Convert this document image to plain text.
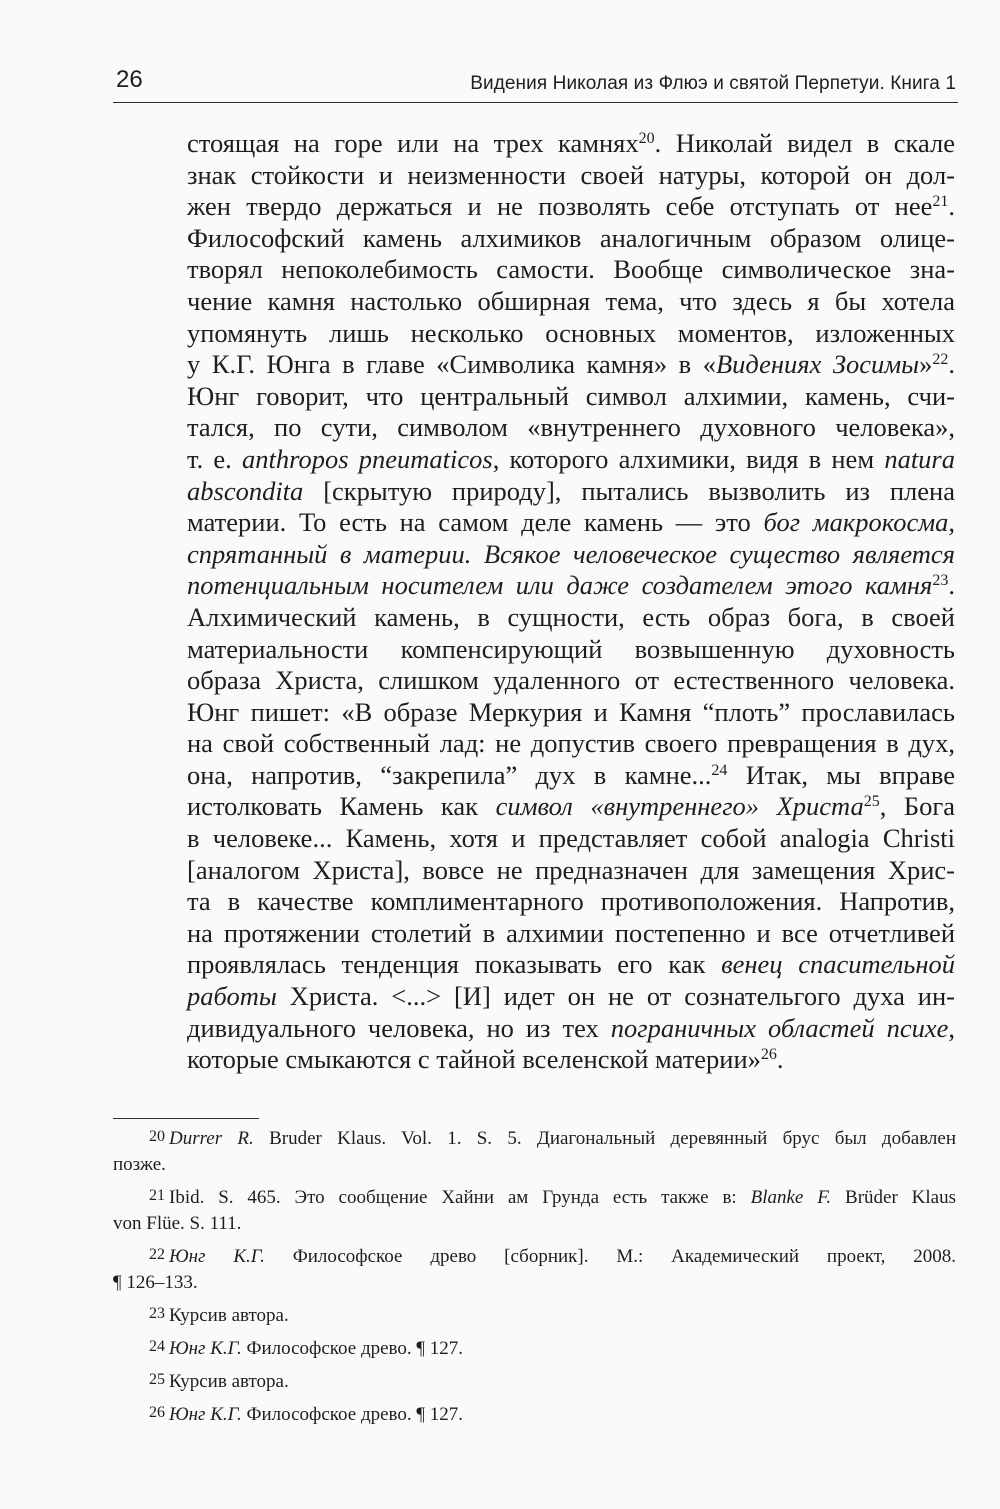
26	Видения Николая из Флюэ и святой Перпетуи. Книга 1
стоящая на горе или на трех камнях$^{20}$. Николай видел в скале
знак стойкости и неизменности своей натуры, которой он дол-
жен твердо держаться и не позволять себе отступать от нее$^{21}$.
Философский камень алхимиков аналогичным образом олице-
творял непоколебимость самости. Вообще символическое зна-
чение камня настолько обширная тема, что здесь я бы хотела
упомянуть лишь несколько основных моментов, изложенных
у К.Г. Юнга в главе «Символика камня» в «Видениях Зосимы»$^{22}$.
Юнг говорит, что центральный символ алхимии, камень, счи-
тался, по сути, символом «внутреннего духовного человека»,
т. е. anthropos pneumaticos, которого алхимики, видя в нем natura
abscondita [скрытую природу], пытались вызволить из плена
материи. То есть на самом деле камень — это бог макрокосма,
спрятанный в материи. Всякое человеческое существо является
потенциальным носителем или даже создателем этого камня$^{23}$.
Алхимический камень, в сущности, есть образ бога, в своей
материальности компенсирующий возвышенную духовность
образа Христа, слишком удаленного от естественного человека.
Юнг пишет: «В образе Меркурия и Камня “плоть” прославилась
на свой собственный лад: не допустив своего превращения в дух,
она, напротив, “закрепила” дух в камне...$^{24}$ Итак, мы вправе
истолковать Камень как символ «внутреннего» Христа$^{25}$, Бога
в человеке... Камень, хотя и представляет собой analogia Christi
[аналогом Христа], вовсе не предназначен для замещения Хрис-
та в качестве комплиментарного противоположения. Напротив,
на протяжении столетий в алхимии постепенно и все отчетливей
проявлялась тенденция показывать его как венец спасительной
работы Христа. <...> [И] идет он не от сознательгого духа ин-
дивидуального человека, но из тех пограничных областей психе,
которые смыкаются с тайной вселенской материи»$^{26}$.
20 Durrer R. Bruder Klaus. Vol. 1. S. 5. Диагональный деревянный брус был добавлен
позже.
21 Ibid. S. 465. Это сообщение Хайни ам Грунда есть также в: Blanke F. Brüder Klaus
von Flüe. S. 111.
22 Юнг К.Г. Философское древо [сборник]. М.: Академический проект, 2008.
¶ 126–133.
23 Курсив автора.
24 Юнг К.Г. Философское древо. ¶ 127.
25 Курсив автора.
26 Юнг К.Г. Философское древо. ¶ 127.
